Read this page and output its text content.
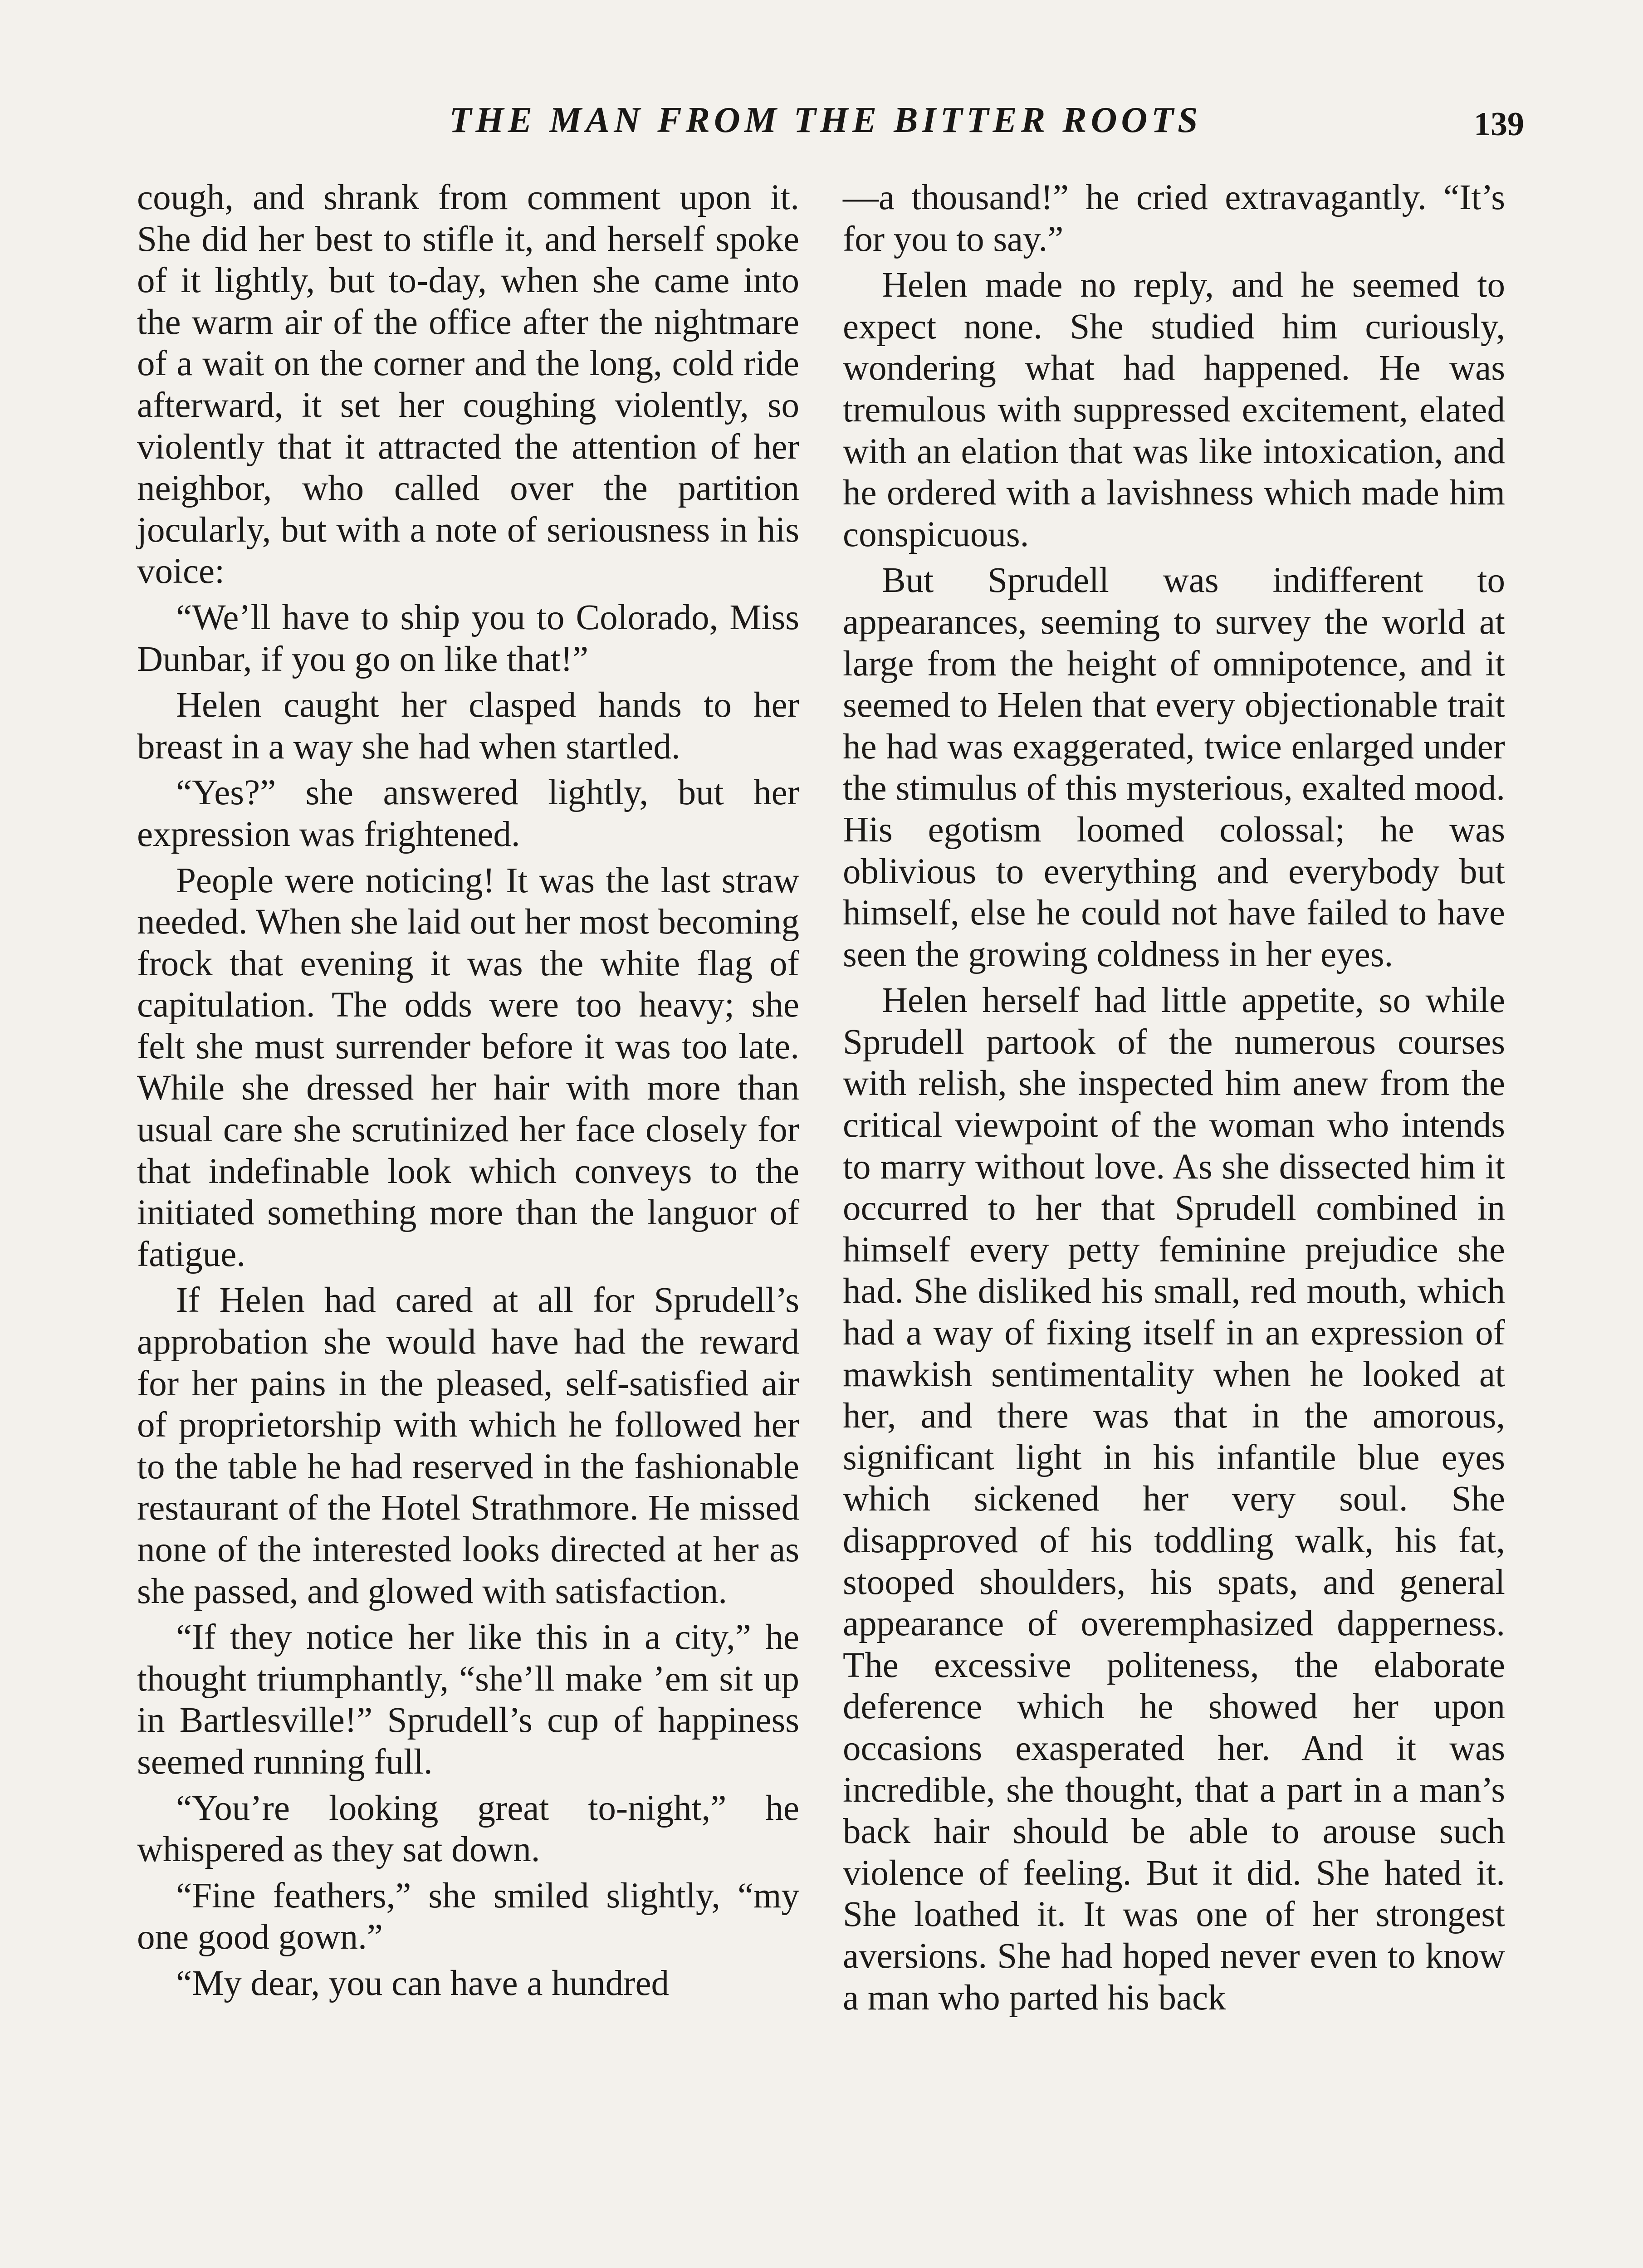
THE MAN FROM THE BITTER ROOTS	139

cough, and shrank from comment upon it. She did her best to stifle it, and herself spoke of it lightly, but to-day, when she came into the warm air of the office after the nightmare of a wait on the corner and the long, cold ride afterward, it set her coughing violently, so violently that it attracted the attention of her neighbor, who called over the partition jocularly, but with a note of seriousness in his voice:

“We’ll have to ship you to Colorado, Miss Dunbar, if you go on like that!”

Helen caught her clasped hands to her breast in a way she had when startled.

“Yes?” she answered lightly, but her expression was frightened.

People were noticing! It was the last straw needed. When she laid out her most becoming frock that evening it was the white flag of capitulation. The odds were too heavy; she felt she must surrender before it was too late. While she dressed her hair with more than usual care she scrutinized her face closely for that indefinable look which conveys to the initiated something more than the languor of fatigue.

If Helen had cared at all for Sprudell’s approbation she would have had the reward for her pains in the pleased, self-satisfied air of proprietorship with which he followed her to the table he had reserved in the fashionable restaurant of the Hotel Strathmore. He missed none of the interested looks directed at her as she passed, and glowed with satisfaction.

“If they notice her like this in a city,” he thought triumphantly, “she’ll make ’em sit up in Bartlesville!” Sprudell’s cup of happiness seemed running full.

“You’re looking great to-night,” he whispered as they sat down.

“Fine feathers,” she smiled slightly, “my one good gown.”

“My dear, you can have a hundred

—a thousand!” he cried extravagantly. “It’s for you to say.”

Helen made no reply, and he seemed to expect none. She studied him curiously, wondering what had happened. He was tremulous with suppressed excitement, elated with an elation that was like intoxication, and he ordered with a lavishness which made him conspicuous.

But Sprudell was indifferent to appearances, seeming to survey the world at large from the height of omnipotence, and it seemed to Helen that every objectionable trait he had was exaggerated, twice enlarged under the stimulus of this mysterious, exalted mood. His egotism loomed colossal; he was oblivious to everything and everybody but himself, else he could not have failed to have seen the growing coldness in her eyes.

Helen herself had little appetite, so while Sprudell partook of the numerous courses with relish, she inspected him anew from the critical viewpoint of the woman who intends to marry without love. As she dissected him it occurred to her that Sprudell combined in himself every petty feminine prejudice she had. She disliked his small, red mouth, which had a way of fixing itself in an expression of mawkish sentimentality when he looked at her, and there was that in the amorous, significant light in his infantile blue eyes which sickened her very soul. She disapproved of his toddling walk, his fat, stooped shoulders, his spats, and general appearance of overemphasized dapperness. The excessive politeness, the elaborate deference which he showed her upon occasions exasperated her. And it was incredible, she thought, that a part in a man’s back hair should be able to arouse such violence of feeling. But it did. She hated it. She loathed it. It was one of her strongest aversions. She had hoped never even to know a man who parted his back
